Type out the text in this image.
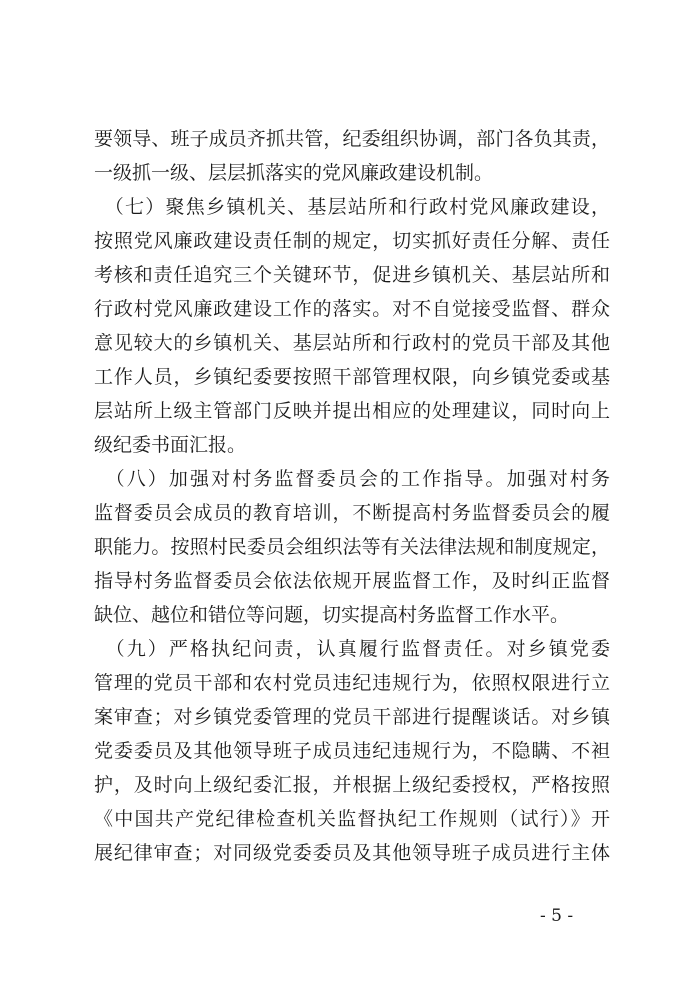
要领导、班子成员齐抓共管，纪委组织协调，部门各负其责，
一级抓一级、层层抓落实的党风廉政建设机制。
　（七）聚焦乡镇机关、基层站所和行政村党风廉政建设，
按照党风廉政建设责任制的规定，切实抓好责任分解、责任
考核和责任追究三个关键环节，促进乡镇机关、基层站所和
行政村党风廉政建设工作的落实。对不自觉接受监督、群众
意见较大的乡镇机关、基层站所和行政村的党员干部及其他
工作人员，乡镇纪委要按照干部管理权限，向乡镇党委或基
层站所上级主管部门反映并提出相应的处理建议，同时向上
级纪委书面汇报。
　（八）加强对村务监督委员会的工作指导。加强对村务
监督委员会成员的教育培训，不断提高村务监督委员会的履
职能力。按照村民委员会组织法等有关法律法规和制度规定，
指导村务监督委员会依法依规开展监督工作，及时纠正监督
缺位、越位和错位等问题，切实提高村务监督工作水平。
　（九）严格执纪问责，认真履行监督责任。对乡镇党委
管理的党员干部和农村党员违纪违规行为，依照权限进行立
案审查；对乡镇党委管理的党员干部进行提醒谈话。对乡镇
党委委员及其他领导班子成员违纪违规行为，不隐瞒、不袒
护，及时向上级纪委汇报，并根据上级纪委授权，严格按照
《中国共产党纪律检查机关监督执纪工作规则（试行）》开
展纪律审查；对同级党委委员及其他领导班子成员进行主体
- 5 -
